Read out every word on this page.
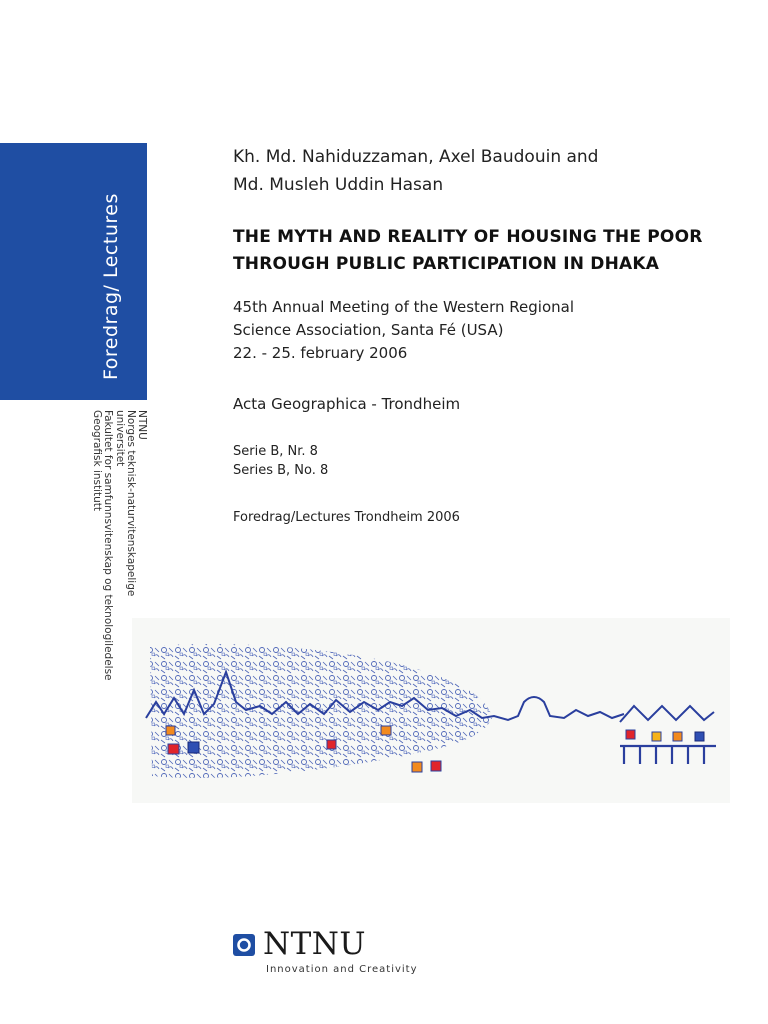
Foredrag/ Lectures
NTNU
Norges teknisk-naturvitenskapelige
universitet
Fakultet for samfunnsvitenskap og teknologiledelse
Geografisk institutt
Kh. Md. Nahiduzzaman, Axel Baudouin and
Md. Musleh Uddin Hasan
THE MYTH AND REALITY OF HOUSING THE POOR
THROUGH PUBLIC PARTICIPATION IN DHAKA
45th Annual Meeting of the Western Regional
Science Association, Santa Fé (USA)
22. - 25. february 2006
Acta Geographica - Trondheim
Serie B, Nr. 8
Series B, No. 8
Foredrag/Lectures Trondheim 2006
NTNU
Innovation and Creativity
